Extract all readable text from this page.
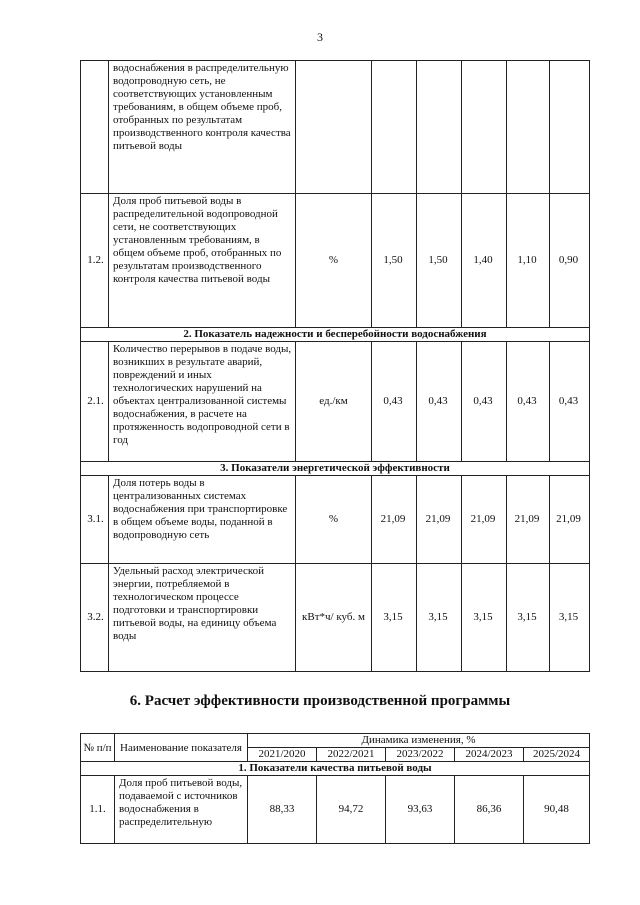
3
	водоснабжения в распределительную водопроводную сеть, не соответствующих установленным требованиям, в общем объеме проб, отобранных по результатам производственного контроля качества питьевой воды						
1.2.	Доля проб питьевой воды в распределительной водопроводной сети, не соответствующих установленным требованиям, в общем объеме проб, отобранных по результатам производственного контроля качества питьевой воды	%	1,50	1,50	1,40	1,10	0,90
2. Показатель надежности и бесперебойности водоснабжения							
2.1.	Количество перерывов в подаче воды, возникших в результате аварий, повреждений и иных технологических нарушений на объектах централизованной системы водоснабжения, в расчете на протяженность водопроводной сети в год	ед./км	0,43	0,43	0,43	0,43	0,43
3. Показатели энергетической эффективности							
3.1.	Доля потерь воды в централизованных системах водоснабжения при транспортировке в общем объеме воды, поданной в водопроводную сеть	%	21,09	21,09	21,09	21,09	21,09
3.2.	Удельный расход электрической энергии, потребляемой в технологическом процессе подготовки и транспортировки питьевой воды, на единицу объема воды	кВт*ч/ куб. м	3,15	3,15	3,15	3,15	3,15
6. Расчет эффективности производственной программы
№ п/п	Наименование показателя	Динамика изменения, %				
		2021/2020	2022/2021	2023/2022	2024/2023	2025/2024
1. Показатели качества питьевой воды						
1.1.	Доля проб питьевой воды, подаваемой с источников водоснабжения в распределительную	88,33	94,72	93,63	86,36	90,48
